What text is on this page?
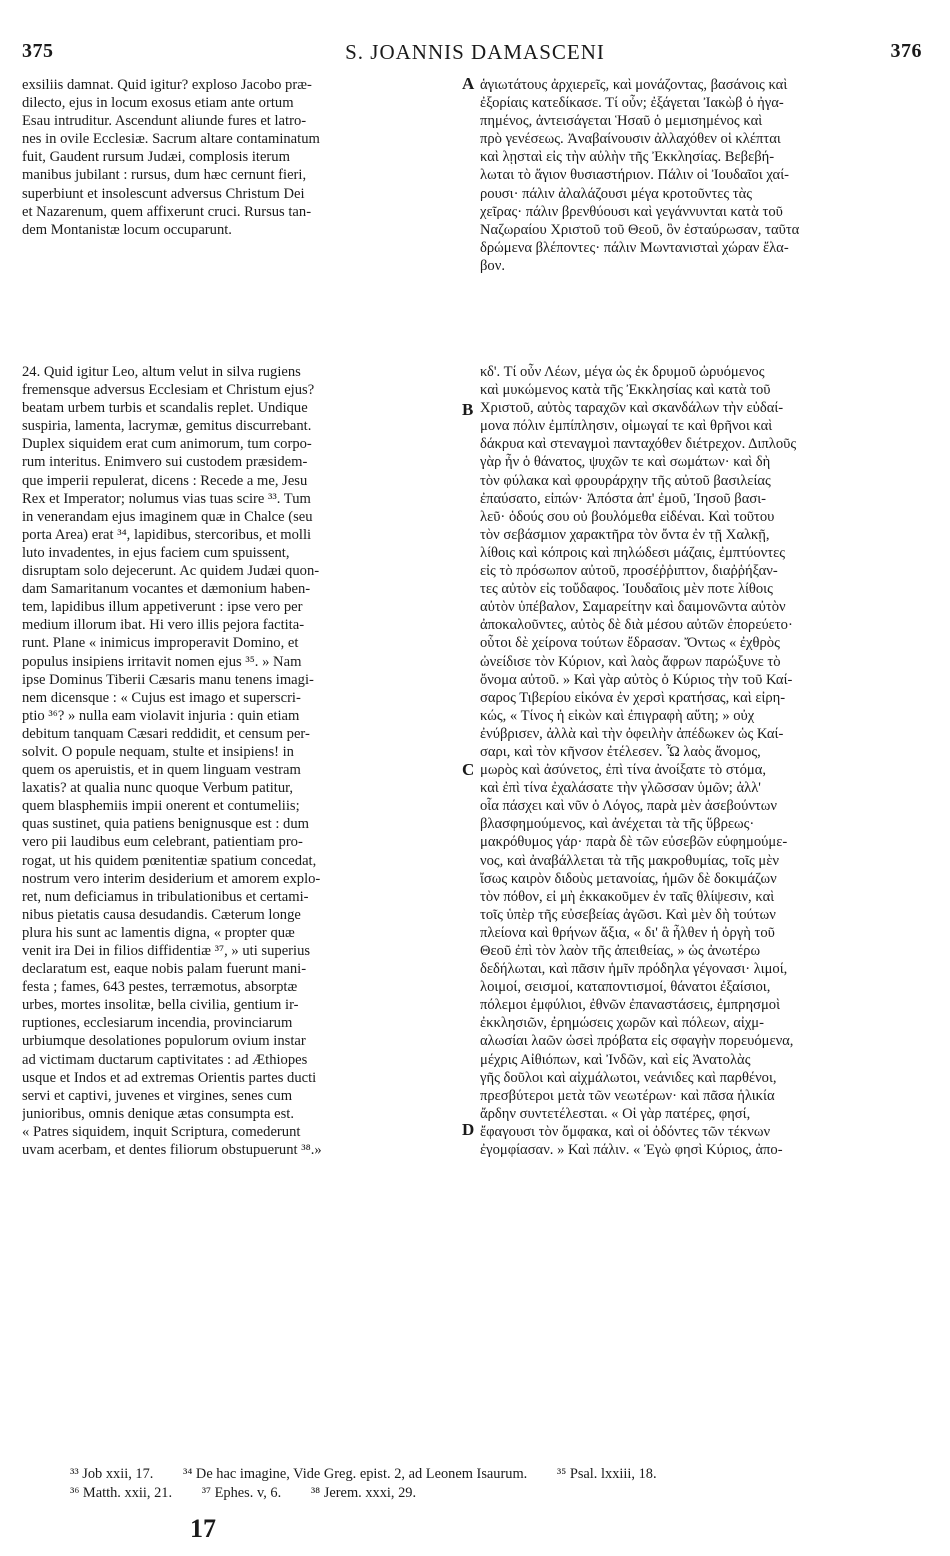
375	S. JOANNIS DAMASCENI	376
A
B
C
D

exsiliis damnat. Quid igitur? exploso Jacobo præ-

dilecto, ejus in locum exosus etiam ante ortum

Esau intruditur. Ascendunt aliunde fures et latro-

nes in ovile Ecclesiæ. Sacrum altare contaminatum

fuit, Gaudent rursum Judæi, complosis iterum

manibus jubilant : rursus, dum hæc cernunt fieri,

superbiunt et insolescunt adversus Christum Dei

et Nazarenum, quem affixerunt cruci. Rursus tan-

dem Montanistæ locum occuparunt.

ἁγιωτάτους ἀρχιερεῖς, καὶ μονάζοντας, βασάνοις καὶ

ἐξορίαις κατεδίκασε. Τί οὖν; ἐξάγεται Ἰακὼβ ὁ ἠγα-

πημένος, ἀντεισάγεται Ἡσαῦ ὁ μεμισημένος καὶ

πρὸ γενέσεως. Ἀναβαίνουσιν ἀλλαχόθεν οἱ κλέπται

καὶ λῃσταὶ εἰς τὴν αὐλὴν τῆς Ἐκκλησίας. Βεβεβή-

λωται τὸ ἅγιον θυσιαστήριον. Πάλιν οἱ Ἰουδαῖοι χαί-

ρουσι· πάλιν ἀλαλάζουσι μέγα κροτοῦντες τὰς

χεῖρας· πάλιν βρενθύουσι καὶ γεγάννυνται κατὰ τοῦ

Ναζωραίου Χριστοῦ τοῦ Θεοῦ, ὃν ἐσταύρωσαν, ταῦτα

δρώμενα βλέποντες· πάλιν Μωντανισταὶ χώραν ἔλα-

βον.

24. Quid igitur Leo, altum velut in silva rugiens

fremensque adversus Ecclesiam et Christum ejus?

beatam urbem turbis et scandalis replet. Undique

suspiria, lamenta, lacrymæ, gemitus discurrebant.

Duplex siquidem erat cum animorum, tum corpo-

rum interitus. Enimvero sui custodem præsidem-

que imperii repulerat, dicens : Recede a me, Jesu

Rex et Imperator; nolumus vias tuas scire ³³. Tum

in venerandam ejus imaginem quæ in Chalce (seu

porta Area) erat ³⁴, lapidibus, stercoribus, et molli

luto invadentes, in ejus faciem cum spuissent,

disruptam solo dejecerunt. Ac quidem Judæi quon-

dam Samaritanum vocantes et dæmonium haben-

tem, lapidibus illum appetiverunt : ipse vero per

medium illorum ibat. Hi vero illis pejora factita-

runt. Plane « inimicus improperavit Domino, et

populus insipiens irritavit nomen ejus ³⁵. » Nam

ipse Dominus Tiberii Cæsaris manu tenens imagi-

nem dicensque : « Cujus est imago et superscri-

ptio ³⁶? » nulla eam violavit injuria : quin etiam

debitum tanquam Cæsari reddidit, et censum per-

solvit. O popule nequam, stulte et insipiens! in

quem os aperuistis, et in quem linguam vestram

laxatis? at qualia nunc quoque Verbum patitur,

quem blasphemiis impii onerent et contumeliis;

quas sustinet, quia patiens benignusque est : dum

vero pii laudibus eum celebrant, patientiam pro-

rogat, ut his quidem pœnitentiæ spatium concedat,

nostrum vero interim desiderium et amorem explo-

ret, num deficiamus in tribulationibus et certami-

nibus pietatis causa desudandis. Cæterum longe

plura his sunt ac lamentis digna, « propter quæ

venit ira Dei in filios diffidentiæ ³⁷, » uti superius

declaratum est, eaque nobis palam fuerunt mani-

festa ; fames, 643 pestes, terræmotus, absorptæ

urbes, mortes insolitæ, bella civilia, gentium ir-

ruptiones, ecclesiarum incendia, provinciarum

urbiumque desolationes populorum ovium instar

ad victimam ductarum captivitates : ad Æthiopes

usque et Indos et ad extremas Orientis partes ducti

servi et captivi, juvenes et virgines, senes cum

junioribus, omnis denique ætas consumpta est.

« Patres siquidem, inquit Scriptura, comederunt

uvam acerbam, et dentes filiorum obstupuerunt ³⁸.»

κδ'. Τί οὖν Λέων, μέγα ὡς ἐκ δρυμοῦ ὠρυόμενος

καὶ μυκώμενος κατὰ τῆς Ἐκκλησίας καὶ κατὰ τοῦ

Χριστοῦ, αὐτὸς ταραχῶν καὶ σκανδάλων τὴν εὐδαί-

μονα πόλιν ἐμπίπλησιν, οἰμωγαί τε καὶ θρῆνοι καὶ

δάκρυα καὶ στεναγμοὶ πανταχόθεν διέτρεχον. Διπλοῦς

γὰρ ἦν ὁ θάνατος, ψυχῶν τε καὶ σωμάτων· καὶ δὴ

τὸν φύλακα καὶ φρουράρχην τῆς αὐτοῦ βασιλείας

ἐπαύσατο, εἰπών· Ἀπόστα ἀπ' ἐμοῦ, Ἰησοῦ βασι-

λεῦ· ὁδούς σου οὐ βουλόμεθα εἰδέναι. Καὶ τοῦτου

τὸν σεβάσμιον χαρακτῆρα τὸν ὄντα ἐν τῇ Χαλκῇ,

λίθοις καὶ κόπροις καὶ πηλώδεσι μάζαις, ἐμπτύοντες

εἰς τὸ πρόσωπον αὐτοῦ, προσέῤῥιπτον, διαῤῥήξαν-

τες αὐτὸν εἰς τοὔδαφος. Ἰουδαῖοις μὲν ποτε λίθοις

αὐτὸν ὑπέβαλον, Σαμαρείτην καὶ δαιμονῶντα αὐτὸν

ἀποκαλοῦντες, αὐτὸς δὲ διὰ μέσου αὐτῶν ἐπορεύετο·

οὗτοι δὲ χείρονα τούτων ἔδρασαν. Ὄντως « ἐχθρὸς

ὠνείδισε τὸν Κύριον, καὶ λαὸς ἄφρων παρώξυνε τὸ

ὄνομα αὐτοῦ. » Καὶ γὰρ αὐτὸς ὁ Κύριος τὴν τοῦ Καί-

σαρος Τιβερίου εἰκόνα ἐν χερσὶ κρατήσας, καὶ εἰρη-

κώς, « Τίνος ἡ εἰκὼν καὶ ἐπιγραφὴ αὕτη; » οὐχ

ἐνύβρισεν, ἀλλὰ καὶ τὴν ὀφειλὴν ἀπέδωκεν ὡς Καί-

σαρι, καὶ τὸν κῆνσον ἐτέλεσεν. Ὦ λαὸς ἄνομος,

μωρὸς καὶ ἀσύνετος, ἐπὶ τίνα ἀνοίξατε τὸ στόμα,

καὶ ἐπὶ τίνα ἐχαλάσατε τὴν γλῶσσαν ὑμῶν; ἀλλ'

οἷα πάσχει καὶ νῦν ὁ Λόγος, παρὰ μὲν ἀσεβούντων

βλασφημούμενος, καὶ ἀνέχεται τὰ τῆς ὕβρεως·

μακρόθυμος γάρ· παρὰ δὲ τῶν εὐσεβῶν εὐφημούμε-

νος, καὶ ἀναβάλλεται τὰ τῆς μακροθυμίας, τοῖς μὲν

ἴσως καιρὸν διδοὺς μετανοίας, ἡμῶν δὲ δοκιμάζων

τὸν πόθον, εἰ μὴ ἐκκακοῦμεν ἐν ταῖς θλίψεσιν, καὶ

τοῖς ὑπὲρ τῆς εὐσεβείας ἀγῶσι. Καὶ μὲν δὴ τούτων

πλείονα καὶ θρήνων ἄξια, « δι' ἃ ἦλθεν ἡ ὀργὴ τοῦ

Θεοῦ ἐπὶ τὸν λαὸν τῆς ἀπειθείας, » ὡς ἀνωτέρω

δεδήλωται, καὶ πᾶσιν ἡμῖν πρόδηλα γέγονασι· λιμοί,

λοιμοί, σεισμοί, καταποντισμοί, θάνατοι ἐξαίσιοι,

πόλεμοι ἐμφύλιοι, ἐθνῶν ἐπαναστάσεις, ἐμπρησμοὶ

ἐκκλησιῶν, ἐρημώσεις χωρῶν καὶ πόλεων, αἰχμ-

αλωσίαι λαῶν ὡσεὶ πρόβατα εἰς σφαγὴν πορευόμενα,

μέχρις Αἰθιόπων, καὶ Ἰνδῶν, καὶ εἰς Ἀνατολὰς

γῆς δοῦλοι καὶ αἰχμάλωτοι, νεάνιδες καὶ παρθένοι,

πρεσβύτεροι μετὰ τῶν νεωτέρων· καὶ πᾶσα ἡλικία

ἄρδην συντετέλεσται. « Οἱ γὰρ πατέρες, φησί,

ἔφαγουσι τὸν ὄμφακα, καὶ οἱ ὀδόντες τῶν τέκνων

ἐγομφίασαν. » Καὶ πάλιν. « Ἐγὼ φησὶ Κύριος, ἀπο-

³³ Job xxii, 17. ³⁴ De hac imagine, Vide Greg. epist. 2, ad Leonem Isaurum. ³⁵ Psal. lxxiii, 18.
³⁶ Matth. xxii, 21. ³⁷ Ephes. v, 6. ³⁸ Jerem. xxxi, 29.
17
